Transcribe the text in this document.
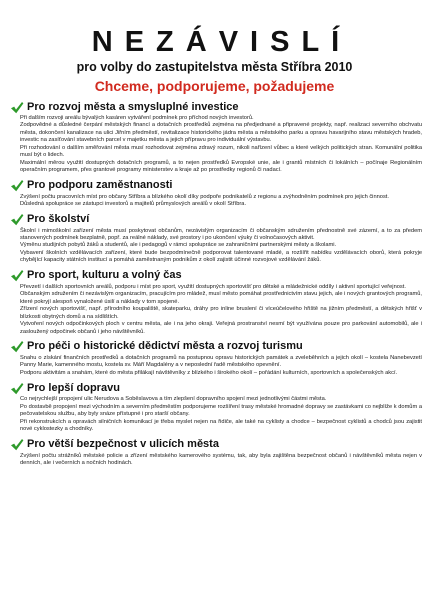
NEZÁVISLÍ
pro volby do zastupitelstva města Stříbra 2010
Chceme, podporujeme, požadujeme
Pro rozvoj města a smysluplné investice

Při dalším rozvoji areálu bývalých kasáren vytváření podmínek pro příchod nových investorů.

Zodpovědné a důsledné čerpání městských financí a dotačních prostředků zejména na předjednané a připravené projekty, např. realizaci severního obchvatu města, dokončení kanalizace na ulici Jiřním předměstí, revitalizace historického jádra města a městského parku a opravu havarijního stavu městských hradeb, investic na zasíťování stavebních parcel v majetku města a jejich přípravu pro individuální výstavbu.

Při rozhodování o dalším směřování města musí rozhodovat zejména zdravý rozum, nikoli nařízení vůbec a které velkých politických stran. Komunální politika musí být o lidech.

Maximální měrou využití dostupných dotačních programů, a to nejen prostředků Evropské unie, ale i grantů místních či lokálních – počínaje Regionálním operačním programem, přes grantové programy ministerstev a kraje až po prostředky regionů či nadací.

Pro podporu zaměstnanosti

Zvýšení počtu pracovních míst pro občany Stříbra a blízkého okolí díky podpoře podnikatelů z regionu a zvýhodněním podmínek pro jejich činnost.

Důsledná spolupráce se zástupci investorů a majitelů průmyslových areálů v okolí Stříbra.

Pro školství

Školní i mimoškolní zařízení města musí poskytovat občanům, nezávislým organizacím či občanským sdružením přednostně své zázemí, a to za předem stanovených podmínek bezplatně, popř. za reálné náklady, své prostory i po ukončení výuky či volnočasových aktivit.

Výměnu studijních pobytů žáků a studentů, ale i pedagogů v rámci spolupráce se zahraničními partnerskými městy a školami.

Vybavení školních vzdělávacích zařízení, které bude bezpodmínečně podporovat talentované mladé, a rozšířit nabídku vzdělávacích oborů, která pokryje chybějící kapacity státních institucí a pomáhá zaměstnaným podnikům z okolí zajistit účinné rozvojové vzdělávání žáků.

Pro sport, kulturu a volný čas

Převzetí i dalších sportovních areálů, podporu i míst pro sport, využití dostupných sportovišť pro dětské a mládežnické oddíly i aktivní sportující veřejnost.

Občanským sdružením či nezávislým organizacím, pracujícím pro mládež, musí město pomáhat prostřednictvím stavu jejich, ale i nových grantových programů, které pokryjí alespoň vynaložené úsilí a náklady v tom spojené.

Zřízení nových sportovišť, např. přírodního koupaliště, skateparku, dráhy pro inline bruslení či víceúčelového hřiště na jižním předměstí, a dětských hřišť v blízkosti obytných domů a na sídlištích.

Vytvoření nových odpočinkových ploch v centru města, ale i na jeho okraji. Veřejná prostranství nesmí být využívána pouze pro parkování automobilů, ale i zasloužený odpočinek občanů i jeho návštěvníků.

Pro péči o historické dědictví města a rozvoj turismu

Snahu o získání finančních prostředků a dotačních programů na postupnou opravu historických památek a zveleběhních a jejich okolí – kostela Nanebevzetí Panny Marie, kamenného mostu, kostela sv. Máří Magdalény a v neposlední řadě městského opevnění.

Podporu aktivitám a snahám, které do města přilákají návštěvníky z blízkého i širokého okolí – pořádání kulturních, sportovních a společenských akcí.

Pro lepší dopravu

Co nejrychlejší propojení ulic Nerudova a Soběslavova a tím zlepšení dopravního spojení mezi jednotlivými částmi města.

Po dostavbě propojení mezi východním a severním předměstím podporujeme rozšíření trasy městské hromadné dopravy se zastávkami co nejblíže k domům a pečovatelskou službu, aby byly snáze přístupné i pro starší občany.

Při rekonstrukcích a opravách silničních komunikací je třeba myslet nejen na řidiče, ale také na cyklisty a chodce – bezpečnost cyklistů a chodců jsou zajistit nové cyklostezky a chodníky.

Pro větší bezpečnost v ulicích města

Zvýšení počtu strážníků městské policie a zřízení městského kamerového systému, tak, aby byla zajištěna bezpečnost občanů i návštěvníků města nejen v denních, ale i večerních a nočních hodinách.
